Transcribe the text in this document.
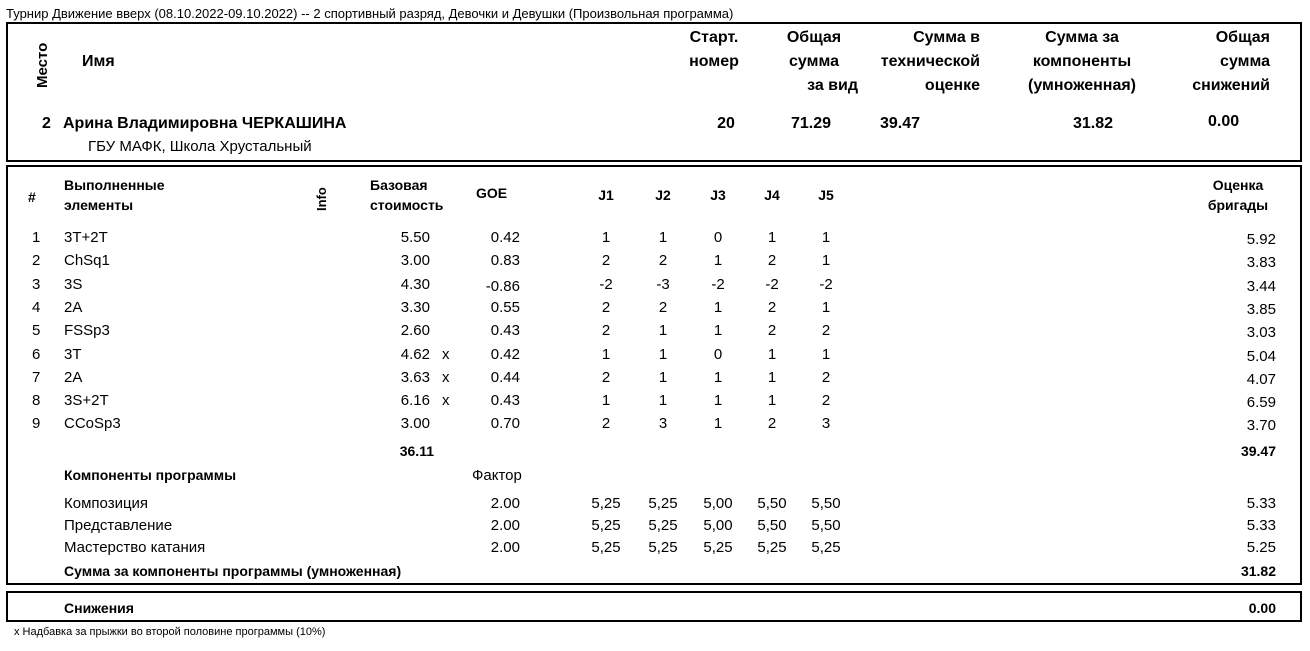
Турнир Движение вверх (08.10.2022-09.10.2022) -- 2 спортивный разряд, Девочки и Девушки (Произвольная программа)
Место Имя
Старт.
номер
Общая
сумма
за вид
Сумма в
технической
оценке
Сумма за
компоненты
(умноженная)
Общая
сумма
снижений
2 Арина Владимировна ЧЕРКАШИНА
ГБУ МАФК, Школа Хрустальный
20	71.29	39.47	31.82	0.00
#
Выполненные
элементы	Info
Базовая
стоимость
GOE	J1	J2	J3	J4	J5
Оценка
бригады
1 3T+2T	5.50	0.42	1	1	0	1	1	5.92
2 ChSq1	3.00	0.83	2	2	1	2	1	3.83
3 3S	4.30	-0.86	-2	-3	-2	-2	-2	3.44
4 2A	3.30	0.55	2	2	1	2	1	3.85
5 FSSp3	2.60	0.43	2	1	1	2	2	3.03
6 3T	4.62 x	0.42	1	1	0	1	1	5.04
7 2A	3.63 x	0.44	2	1	1	1	2	4.07
8 3S+2T	6.16 x	0.43	1	1	1	1	2	6.59
9 CCoSp3	3.00	0.70	2	3	1	2	3	3.70
36.11	39.47
Компоненты программы	Фактор
Композиция	2.00	5,25	5,25	5,00	5,50	5,50	5.33
Представление	2.00	5,25	5,25	5,00	5,50	5,50	5.33
Мастерство катания	2.00	5,25	5,25	5,25	5,25	5,25	5.25
Сумма за компоненты программы (умноженная)	31.82
Снижения	0.00
x Надбавка за прыжки во второй половине программы (10%)
